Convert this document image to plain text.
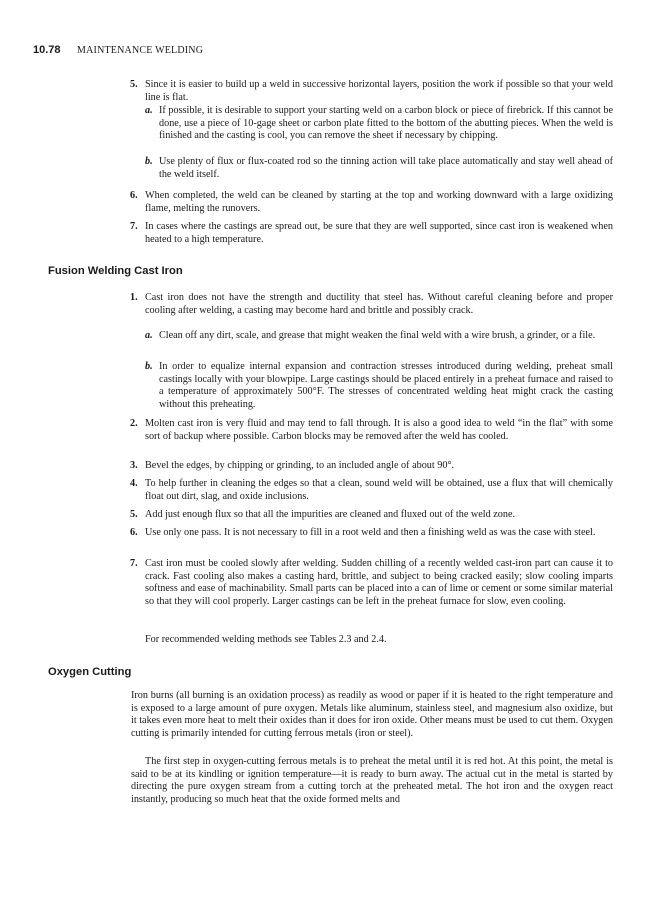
10.78 MAINTENANCE WELDING
5. Since it is easier to build up a weld in successive horizontal layers, position the work if possible so that your weld line is flat.
a. If possible, it is desirable to support your starting weld on a carbon block or piece of firebrick. If this cannot be done, use a piece of 10-gage sheet or carbon plate fitted to the bottom of the abutting pieces. When the weld is finished and the casting is cool, you can remove the sheet if necessary by chipping.
b. Use plenty of flux or flux-coated rod so the tinning action will take place automatically and stay well ahead of the weld itself.
6. When completed, the weld can be cleaned by starting at the top and working downward with a large oxidizing flame, melting the runovers.
7. In cases where the castings are spread out, be sure that they are well supported, since cast iron is weakened when heated to a high temperature.
Fusion Welding Cast Iron
1. Cast iron does not have the strength and ductility that steel has. Without careful cleaning before and proper cooling after welding, a casting may become hard and brittle and possibly crack.
a. Clean off any dirt, scale, and grease that might weaken the final weld with a wire brush, a grinder, or a file.
b. In order to equalize internal expansion and contraction stresses introduced during welding, preheat small castings locally with your blowpipe. Large castings should be placed entirely in a preheat furnace and raised to a temperature of approximately 500°F. The stresses of concentrated welding heat might crack the casting without this preheating.
2. Molten cast iron is very fluid and may tend to fall through. It is also a good idea to weld “in the flat” with some sort of backup where possible. Carbon blocks may be removed after the weld has cooled.
3. Bevel the edges, by chipping or grinding, to an included angle of about 90°.
4. To help further in cleaning the edges so that a clean, sound weld will be obtained, use a flux that will chemically float out dirt, slag, and oxide inclusions.
5. Add just enough flux so that all the impurities are cleaned and fluxed out of the weld zone.
6. Use only one pass. It is not necessary to fill in a root weld and then a finishing weld as was the case with steel.
7. Cast iron must be cooled slowly after welding. Sudden chilling of a recently welded cast-iron part can cause it to crack. Fast cooling also makes a casting hard, brittle, and subject to being cracked easily; slow cooling imparts softness and ease of machinability. Small parts can be placed into a can of lime or cement or some similar material so that they will cool properly. Larger castings can be left in the preheat furnace for slow, even cooling.
For recommended welding methods see Tables 2.3 and 2.4.
Oxygen Cutting
Iron burns (all burning is an oxidation process) as readily as wood or paper if it is heated to the right temperature and is exposed to a large amount of pure oxygen. Metals like aluminum, stainless steel, and magnesium also oxidize, but it takes even more heat to melt their oxides than it does for iron oxide. Other means must be used to cut them. Oxygen cutting is primarily intended for cutting ferrous metals (iron or steel).
The first step in oxygen-cutting ferrous metals is to preheat the metal until it is red hot. At this point, the metal is said to be at its kindling or ignition temperature—it is ready to burn away. The actual cut in the metal is started by directing the pure oxygen stream from a cutting torch at the preheated metal. The hot iron and the oxygen react instantly, producing so much heat that the oxide formed melts and
